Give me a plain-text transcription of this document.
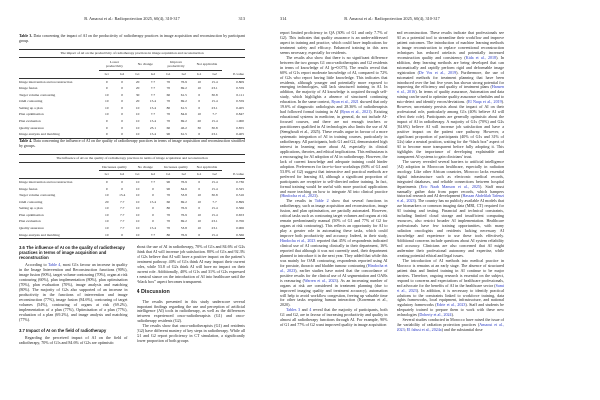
B. Amaoui et al.: Radioprotection 2025, 60(4), 310-317	313
Table 3. Data concerning the impact of AI on the productivity of radiotherapy practices in image acquisition and reconstruction by participant group.
The impact of AI on the productivity of radiotherapy practices in image acquisition and reconstruction									
	Lower productivity		No change		Improve productivity		Not applicable		
	G1	G2	G1	G2	G1	G2	G1	G2	P-value
Image intervention and reconstruction	0	0	20	7.7	70	76.9	10	15.4	0.809
Image fusion	0	0	20	7.7	70	69.2	10	23.1	0.559
Target volume contouring	10	0	30	7.7	60	61.5	0	30.8	0.111
OAR contouring	10	0	20	15.4	70	69.2	0	15.4	0.559
Setting up a plan	10	0	10	15.4	80	61.5	0	23.1	0.405
Plan optimisation	10	0	10	7.7	70	84.6	10	7.7	0.847
Plan evaluation	0	0	10	15.4	70	69.2	20	15.4	1.000
Quality assurance	0	0	10	23.1	60	46.2	30	30.8	0.855
Image analysis and matching	0	0	10	15.4	90	61.5	0	23.1	0.405
Table 4. Data concerning the influence of AI on the quality of radiotherapy practices in terms of image acquisition and reconstruction stratified by groups.
The influence of AI on the quality of radiotherapy practices in terms of image acquisition and reconstruction									
	Decreases quality		No change		Increases quality		Not applicable		
	G1	G2	G1	G2	G1	G2	G1	G2	P-value
Image intervention and reconstruction	0	0	10	7.7	90	76.9	0	15.4	0.736
Image fusion	0	0	10	0	90	84.6	0	15.4	0.325
Target volume contouring	10	15.4	10	0	70	53.8	10	30.8	0.516
OAR contouring	20	7.7	10	15.4	60	69.2	10	7.7	0.899
Setting up a plan	10	7.7	10	0	80	76.9	0	15.4	0.566
Plan optimisation	10	7.7	10	0	70	76.9	10	15.4	0.653
Plan evaluation	10	7.7	10	0	70	69.2	10	23.1	0.706
Quality assurance	10	7.7	10	15.4	70	53.8	10	23.1	0.906
Image analysis and matching	10	0	10	7.7	80	76.9	0	15.4	0.566
3.6 The influence of AI on the quality of radiotherapy practices in terms of image acquisition and reconstruction

According to Table 4, most G1s favour an increase in quality in the Image Intervention and Reconstruction functions (90%), image fusion (90%), target volume contouring (70%), organ at risk contouring (60%), plan implementation (80%), plan optimisation (70%), plan evaluation (70%), image analysis and matching (80%). The majority of G2s also supported of an increase in productivity in the functions of intervention and image reconstruction (77%), image fusion (84.6%), contouring of target volumes (54%), contouring of organs at risk (69.2%), implementation of a plan (77%), Optimisation of a plan (77%), evaluation of a plan (69.2%), and image analysis and matching (77%).

3.7 Impact of AI on the field of radiotherapy

Regarding the perceived impact of AI on the field of radiotherapy, 70% of G1s and 84.6% of G2s are optimistic

about the use of AI in radiotherapy, 70% of G1s and 84.6% of G2s think that AI will increase job satisfaction. 80% of G1s and 92.3% of G2s believe that AI will have a positive impact on the patient’s treatment pathway. 40% of G1s think AI may impact their current roles, while 53.8 of G2s think AI will have no impact on their current role. Additionally, 40% of G1s and 31% of G2s expressed a neutral stance on the introduction of AI into healthcare until the “black box” aspect becomes transparent.

4 Discussion

The results presented in this study underscore several important findings regarding the use and perception of artificial intelligence (AI) tools in radiotherapy, as well as the differences between experienced onco-radiotherapists (G1) and onco-radiotherapy residents (G2).

The results show that onco-radiotherapists (G1) and residents (G2) have different mastery of key steps in radiotherapy. While all G1 and G2 report proficiency in CT simulation, a significantly lower proportion of both groups

B. Amaoui et al.: Radioprotection 2025, 60(4), 310-317
314

report limited proficiency in QA (30% of G1 and only 7.7% of G2). This indicates that quality assurance is an under-addressed aspect in training and practice, which could have implications for treatment safety and efficacy. Enhanced training in this area seems necessary, especially for residents.

The results also show that there is no significant difference between the two groups G1 onco-radiotherapists and G2 residents in terms of knowledge of AI (p=0.075). The results reveal that 60% of G1s report moderate knowledge of AI, compared to 72% of G2s who report having little knowledge. This indicates that residents, although younger and potentially more exposed to emerging technologies, still lack structured training in AI. In addition, the majority of AI knowledge is acquired through self-study, which highlights a absence of structured continuing education. In the same context, Ryan et al., 2021 showed that only 19.6% of diagnostic radiologists and 28.36% of radiotherapists had followed formal training in AI (Ryan et al., 2021). Existing educational systems in medicine, in general, do not include AI-focused courses, and there are not enough teachers or practitioners qualified in AI technologies also limits the use of AI (Semghouli et al., 2025). These results argue in favour of a more systematic integration of AI in training courses, particularly in radiotherapy. All participants, both G1 and G2, demonstrated high interest in learning more about AI, especially its clinical applications, theories, and ethical implications. This enthusiasm is a encouraging for AI adoption of AI in radiotherapy. However, the lack of current knowledge and adequate training could hinder adoption. Preferences for face-to-face workshops (60% of G1 and 53.8% of G2) suggest that interactive and practical methods are preferred for learning AI, although a significant proportion of participants are receptive to self-directed online training. In fact, formal training would be useful with more practical applications and more teaching on how to integrate AI into clinical practice (Hindocha et al., 2023).

The results in Table 2 show that several functions in radiotherapy, such as image acquisition and reconstruction, image fusion, and plan optimisation, are partially automated. However, critical tasks such as contouring target volumes and organs at risk remain predominantly manual (50% of G1 and 77% of G2 for organs at risk contouring). This reflects an opportunity for AI to play a greater role in automating these tasks, which could improve both productivity and accuracy. Indeed, in their study, Hindocha et al., 2023 reported that 45% of respondents indicated clinical use of AI contouring clinically in their department, 16% reported that although it was not currently used, their department planned to introduce it in the next year. They added that while this was mainly for OAR contouring, respondents reported using AI for prostate, thoracic and bladder tumour contouring (Hindocha et al., 2023), earlier studies have noted that the concordance of positive results for the clinical use of AI segmentation and OARs is reassuring (Warren et al., 2023). As an increasing number of organs at risk are considered in treatment planning (due to improved imaging quality and treatment accuracy), automation will help to avoid workflow congestion, freeing up valuable time for other tasks requiring human interaction (Korreman et al., 2020).

Tables 3 and 4 reveal that the majority of participants, both G1 and G2, are in favour of increasing productivity and quality in almost all radiotherapy functions through AI. For example, 90% of G1 and 77% of G2 want improved quality in image acquisition

and reconstruction. These results indicate that professionals see AI as a potential tool to streamline their workflow and improve patient outcomes. The introduction of machine learning methods in image reconstruction to replace conventional reconstruction techniques has reduced artefacts and potentially increased reconstruction quality and consistency (Kida et al., 2018). In addition, deep learning methods are being developed that can automatically and rapidly perform rigid and deformable image registration (De Vos et al., 2019). Furthermore, the use of automated methods for treatment planning that have been introduced over the last five years has shown strong potential for improving the efficiency and quality of treatment plans (Hansen et al., 2016). In terms of quality assurance, Automation and data mining can be used to optimize quality assurance schedules and to auto-detect and identify errors/deviations. (El Naqa et al., 2019). However, uncertainty persists about the impact of AI on their professional role, particularly among G1s (40% believe AI will affect their role). Participants are generally optimistic about the impact of AI in radiotherapy. A majority of G1s (70%) and G2s (84.6%) believe AI will increase job satisfaction and have a positive impact on the patient care pathway. However, a significant proportion of participants (40% of G1s and 31% of G2s) take a neutral position, waiting for the “black box” aspect of AI to become more transparent before fully adopting it. This highlights the importance of developing explainable and transparent AI systems to gain clinicians’ trust.

The survey revealed several barriers to artificial intelligence (AI) adoption in Moroccan healthcare, especially in radiation oncology. Like other African countries, Morocco lacks essential digital infrastructure such as electronic medical records, integrated databases, and reliable connections between hospital departments (Eric Naab Manson et al., 2025). Staff must manually gather data from paper records, which hampers historical research and AI development (Hassan Abdelilah Tafenzi et al., 2023). The country has no publicly available AI models that use biomarkers or common imaging data (MRI, CT) required for AI training and testing. Financial and technical constraints, including limited cloud storage and insufficient computing resources, also restrict broader AI implementation. Healthcare professionals have few training opportunities, with many radiation oncologists and residents lacking necessary AI knowledge and experience to use these tools effectively. Additional concerns include questions about AI system reliability and accuracy. Clinicians are also concerned that AI might undermine their professional autonomy and expertise, while creating potential ethical and legal issues.

The introduction of AI methods into medical practice in Morocco is remains at an early stage. The absence of structured patient data and limited training in AI continue to be major barriers. Therefore, ongoing research is essential on the subject, respond to concerns and expectations of healthcare professionals, and advocate for the benefits of AI in the healthcare sector (Sami et al., 2023). In addition, it is necessary to identify practical solutions to the constraints linked to workforce training, data rights frameworks, local equipment, infrastructure, and national regulatory frameworks (Edrie et al., 2023). Staff and students be adequately trained to prepare them to work with these new technologies (Doherty et al., 2024).

Several studies conducted in Morocco have raised the issue of the variability of radiation protection practices (Amaoui et al., 2023; El fahssi et al., 2024a) and the substantial dose
